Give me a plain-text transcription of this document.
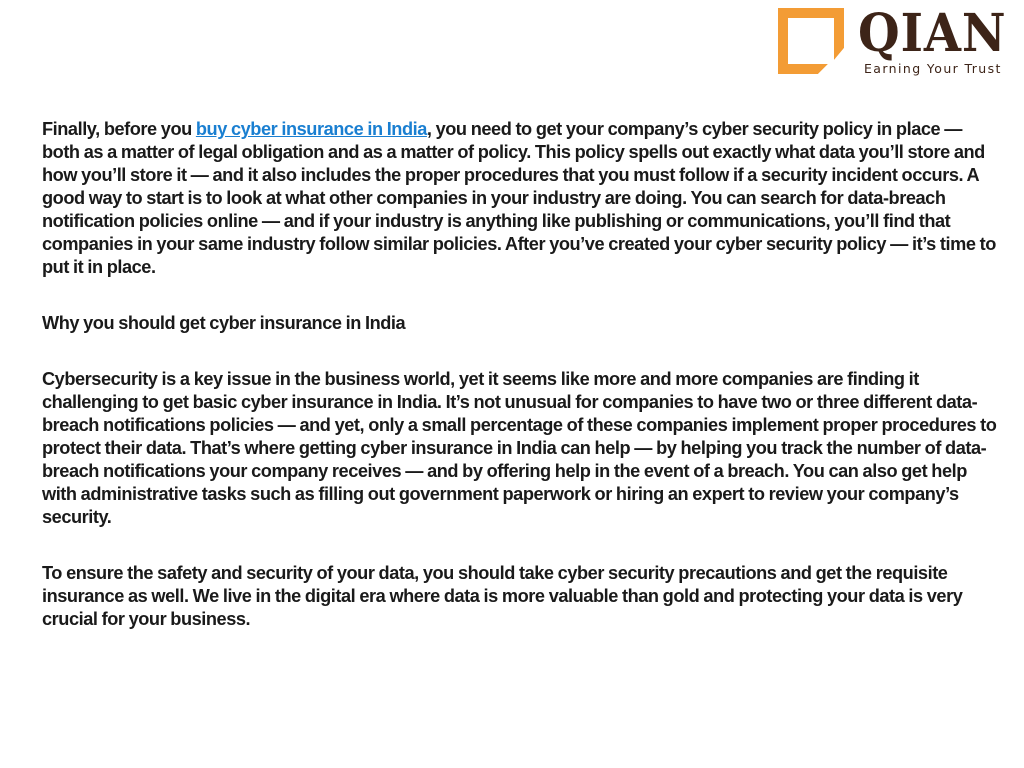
QIAN
Earning Your Trust

Finally, before you buy cyber insurance in India, you need to get your company’s cyber security policy in place — both as a matter of legal obligation and as a matter of policy. This policy spells out exactly what data you’ll store and how you’ll store it — and it also includes the proper procedures that you must follow if a security incident occurs. A good way to start is to look at what other companies in your industry are doing. You can search for data-breach notification policies online — and if your industry is anything like publishing or communications, you’ll find that companies in your same industry follow similar policies. After you’ve created your cyber security policy — it’s time to put it in place.

Why you should get cyber insurance in India

Cybersecurity is a key issue in the business world, yet it seems like more and more companies are finding it challenging to get basic cyber insurance in India. It’s not unusual for companies to have two or three different data-breach notifications policies — and yet, only a small percentage of these companies implement proper procedures to protect their data. That’s where getting cyber insurance in India can help — by helping you track the number of data-breach notifications your company receives — and by offering help in the event of a breach. You can also get help with administrative tasks such as filling out government paperwork or hiring an expert to review your company’s security.

To ensure the safety and security of your data, you should take cyber security precautions and get the requisite insurance as well. We live in the digital era where data is more valuable than gold and protecting your data is very crucial for your business.
